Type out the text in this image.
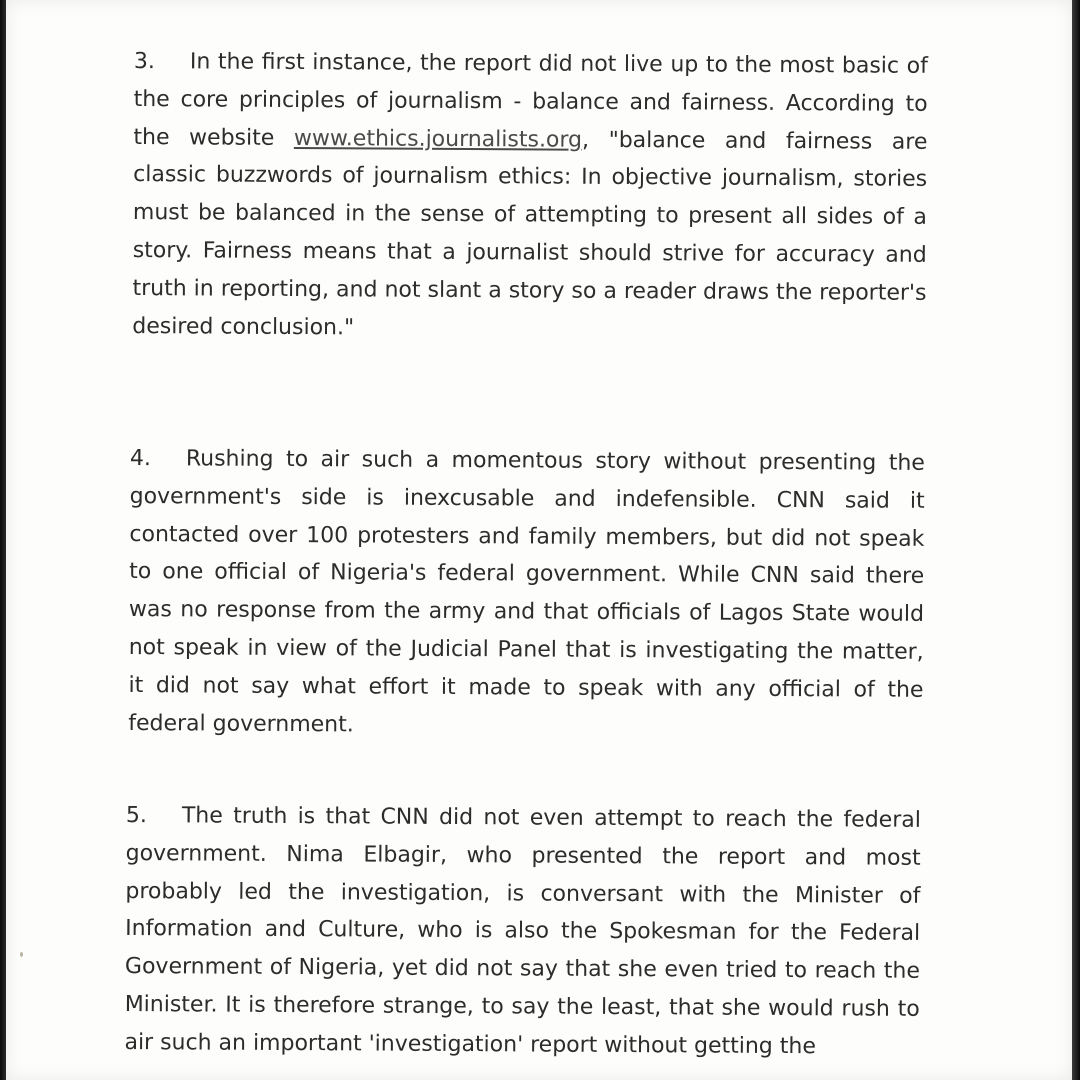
3. In the first instance, the report did not live up to the most basic of the core principles of journalism - balance and fairness. According to the website www.ethics.journalists.org, "balance and fairness are classic buzzwords of journalism ethics: In objective journalism, stories must be balanced in the sense of attempting to present all sides of a story. Fairness means that a journalist should strive for accuracy and truth in reporting, and not slant a story so a reader draws the reporter's desired conclusion."

4. Rushing to air such a momentous story without presenting the government's side is inexcusable and indefensible. CNN said it contacted over 100 protesters and family members, but did not speak to one official of Nigeria's federal government. While CNN said there was no response from the army and that officials of Lagos State would not speak in view of the Judicial Panel that is investigating the matter, it did not say what effort it made to speak with any official of the federal government.

5. The truth is that CNN did not even attempt to reach the federal government. Nima Elbagir, who presented the report and most probably led the investigation, is conversant with the Minister of Information and Culture, who is also the Spokesman for the Federal Government of Nigeria, yet did not say that she even tried to reach the Minister. It is therefore strange, to say the least, that she would rush to air such an important 'investigation' report without getting the
